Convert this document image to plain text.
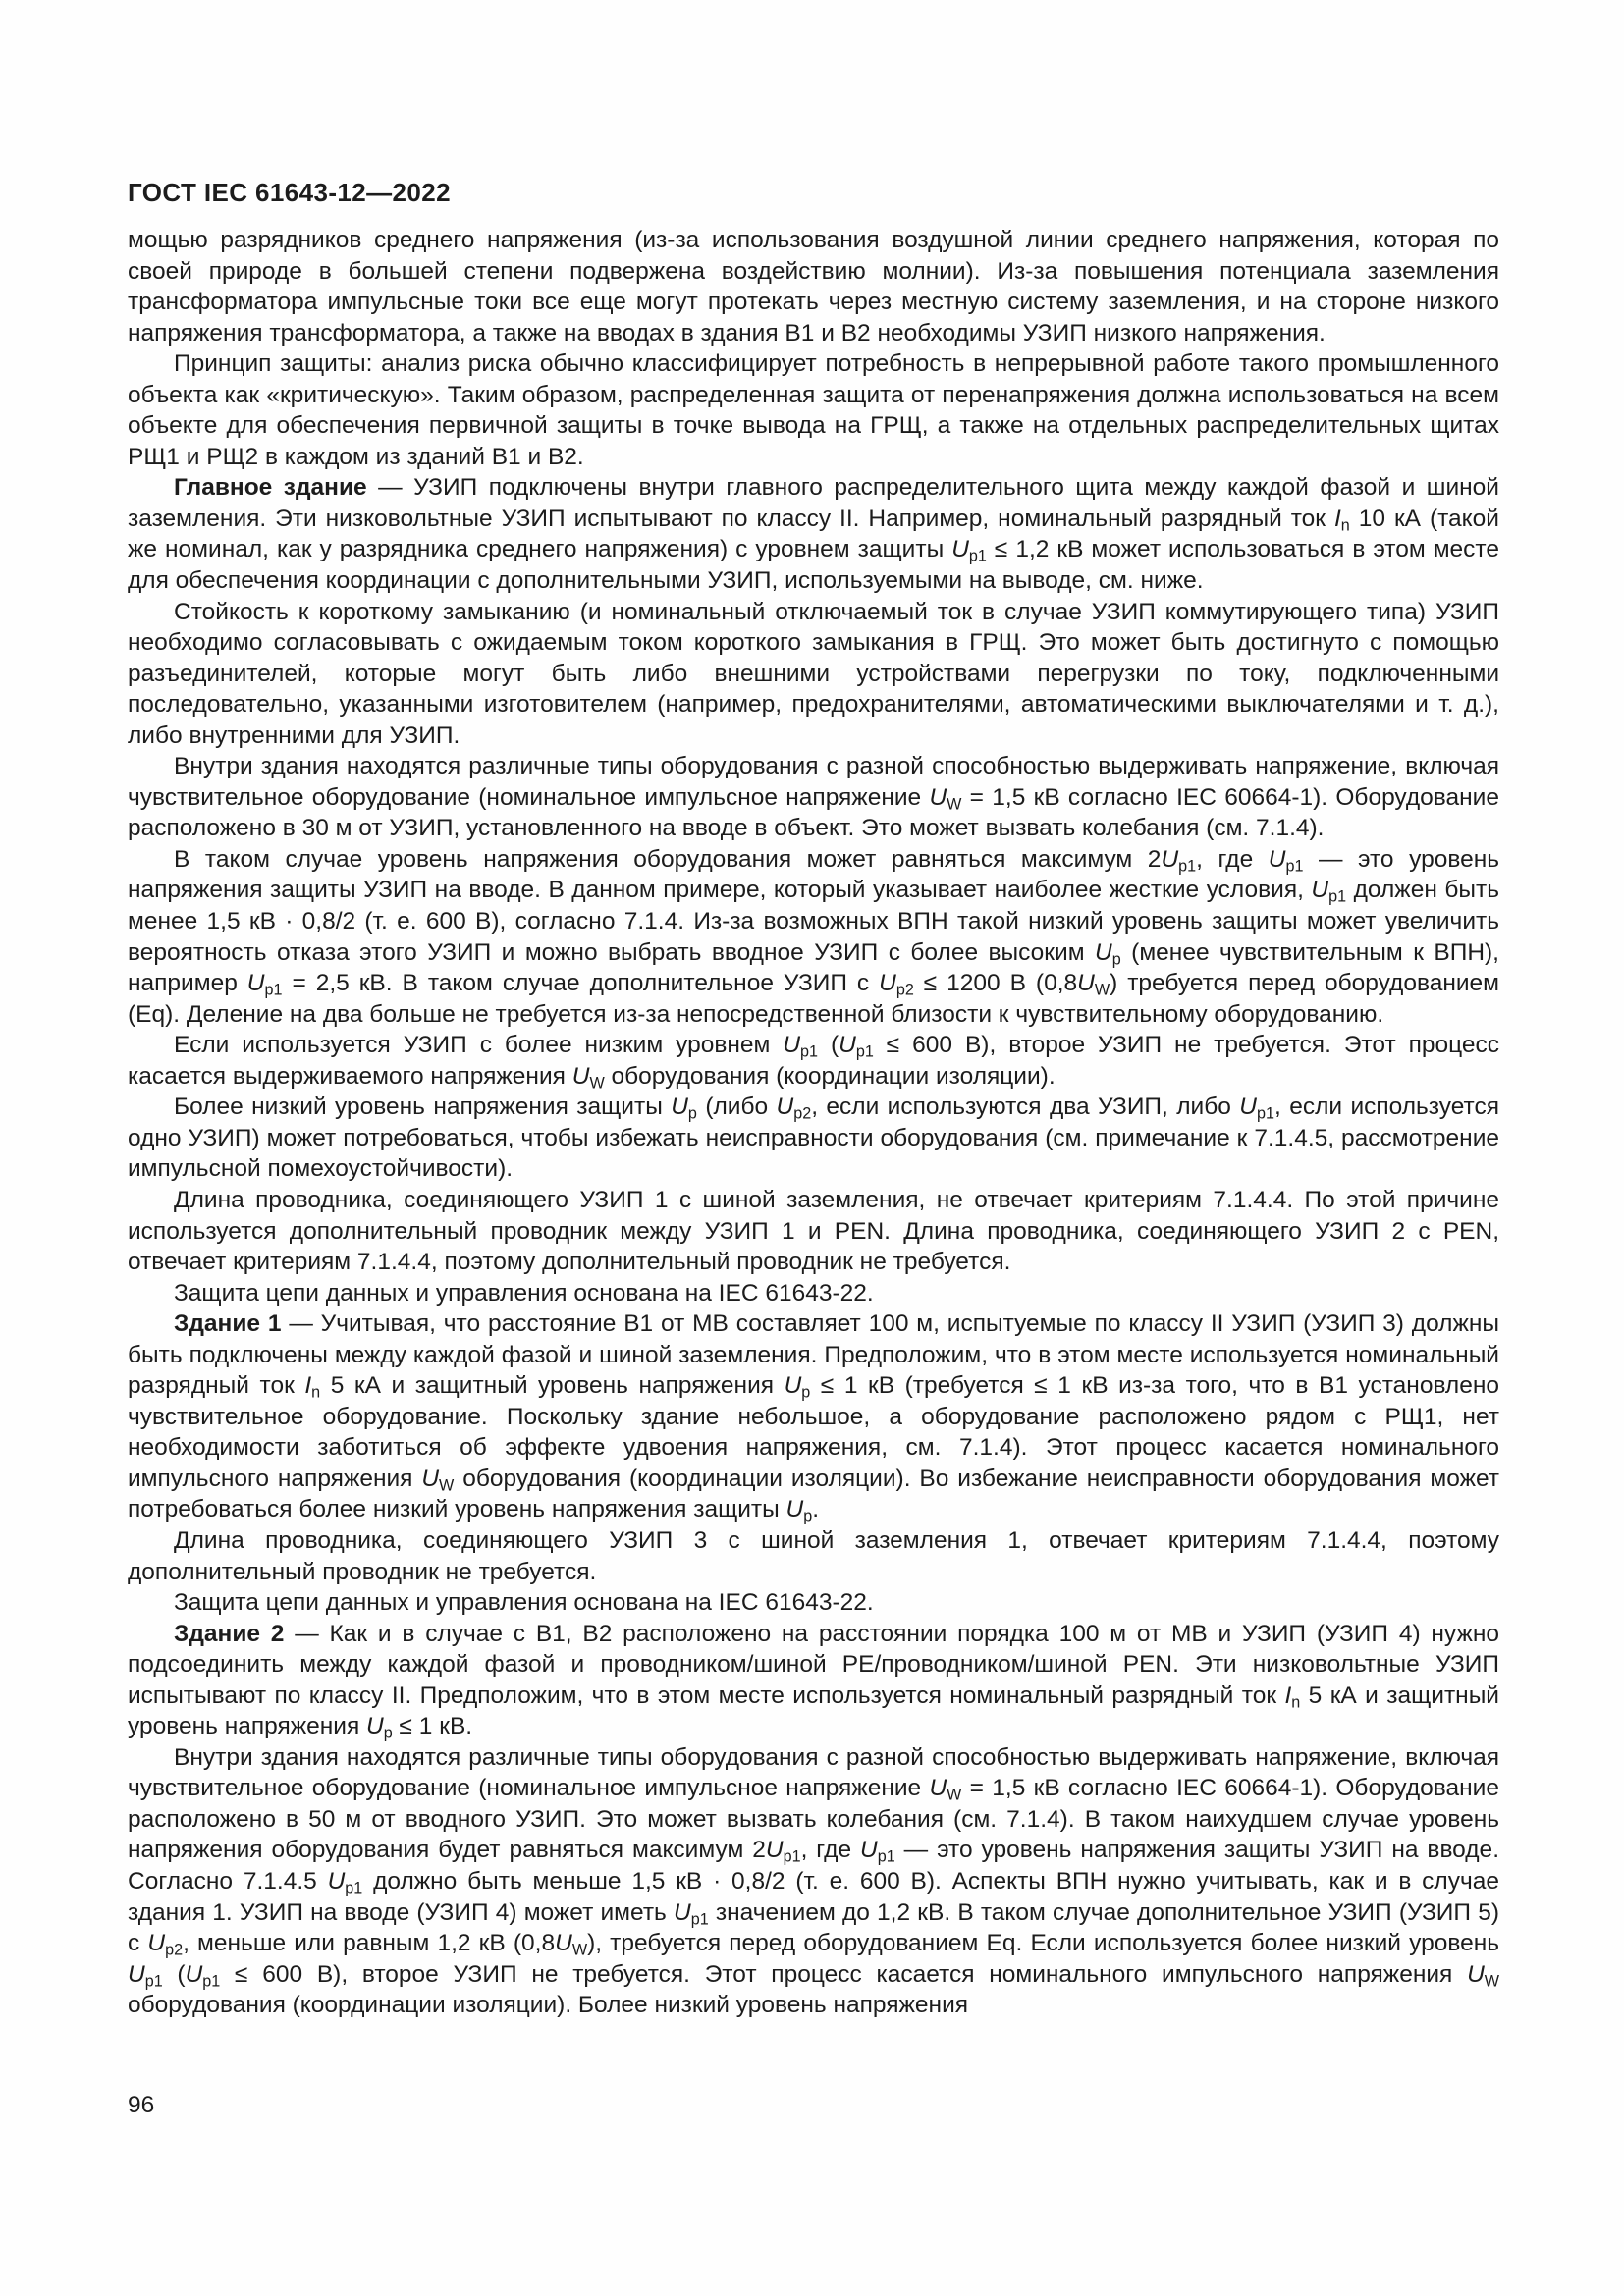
ГОСТ IEC 61643-12—2022

мощью разрядников среднего напряжения (из-за использования воздушной линии среднего напряжения, которая по своей природе в большей степени подвержена воздействию молнии). Из-за повышения потенциала заземления трансформатора импульсные токи все еще могут протекать через местную систему заземления, и на стороне низкого напряжения трансформатора, а также на вводах в здания В1 и В2 необходимы УЗИП низкого напряжения.

Принцип защиты: анализ риска обычно классифицирует потребность в непрерывной работе такого промышленного объекта как «критическую». Таким образом, распределенная защита от перенапряжения должна использоваться на всем объекте для обеспечения первичной защиты в точке вывода на ГРЩ, а также на отдельных распределительных щитах РЩ1 и РЩ2 в каждом из зданий В1 и В2.

Главное здание — УЗИП подключены внутри главного распределительного щита между каждой фазой и шиной заземления. Эти низковольтные УЗИП испытывают по классу II. Например, номинальный разрядный ток $I_n$ 10 кА (такой же номинал, как у разрядника среднего напряжения) с уровнем защиты $U_{p1} \le 1,2$ кВ может использоваться в этом месте для обеспечения координации с дополнительными УЗИП, используемыми на выводе, см. ниже.

Стойкость к короткому замыканию (и номинальный отключаемый ток в случае УЗИП коммутирующего типа) УЗИП необходимо согласовывать с ожидаемым током короткого замыкания в ГРЩ. Это может быть достигнуто с помощью разъединителей, которые могут быть либо внешними устройствами перегрузки по току, подключенными последовательно, указанными изготовителем (например, предохранителями, автоматическими выключателями и т. д.), либо внутренними для УЗИП.

Внутри здания находятся различные типы оборудования с разной способностью выдерживать напряжение, включая чувствительное оборудование (номинальное импульсное напряжение $U_W = 1,5$ кВ согласно IEC 60664-1). Оборудование расположено в 30 м от УЗИП, установленного на вводе в объект. Это может вызвать колебания (см. 7.1.4).

В таком случае уровень напряжения оборудования может равняться максимум $2U_{p1}$, где $U_{p1}$ — это уровень напряжения защиты УЗИП на вводе. В данном примере, который указывает наиболее жесткие условия, $U_{p1}$ должен быть менее 1,5 кВ · 0,8/2 (т. е. 600 В), согласно 7.1.4. Из-за возможных ВПН такой низкий уровень защиты может увеличить вероятность отказа этого УЗИП и можно выбрать вводное УЗИП с более высоким $U_p$ (менее чувствительным к ВПН), например $U_{p1} = 2,5$ кВ. В таком случае дополнительное УЗИП с $U_{p2} \le 1200$ В $(0,8U_W)$ требуется перед оборудованием (Eq). Деление на два больше не требуется из-за непосредственной близости к чувствительному оборудованию.

Если используется УЗИП с более низким уровнем $U_{p1}$ ($U_{p1} \le 600$ В), второе УЗИП не требуется. Этот процесс касается выдерживаемого напряжения $U_W$ оборудования (координации изоляции).

Более низкий уровень напряжения защиты $U_p$ (либо $U_{p2}$, если используются два УЗИП, либо $U_{p1}$, если используется одно УЗИП) может потребоваться, чтобы избежать неисправности оборудования (см. примечание к 7.1.4.5, рассмотрение импульсной помехоустойчивости).

Длина проводника, соединяющего УЗИП 1 с шиной заземления, не отвечает критериям 7.1.4.4. По этой причине используется дополнительный проводник между УЗИП 1 и PEN. Длина проводника, соединяющего УЗИП 2 с PEN, отвечает критериям 7.1.4.4, поэтому дополнительный проводник не требуется.

Защита цепи данных и управления основана на IEC 61643-22.

Здание 1 — Учитывая, что расстояние В1 от МВ составляет 100 м, испытуемые по классу II УЗИП (УЗИП 3) должны быть подключены между каждой фазой и шиной заземления. Предположим, что в этом месте используется номинальный разрядный ток $I_n$ 5 кА и защитный уровень напряжения $U_p \le 1$ кВ (требуется ≤ 1 кВ из-за того, что в В1 установлено чувствительное оборудование. Поскольку здание небольшое, а оборудование расположено рядом с РЩ1, нет необходимости заботиться об эффекте удвоения напряжения, см. 7.1.4). Этот процесс касается номинального импульсного напряжения $U_W$ оборудования (координации изоляции). Во избежание неисправности оборудования может потребоваться более низкий уровень напряжения защиты $U_p$.

Длина проводника, соединяющего УЗИП 3 с шиной заземления 1, отвечает критериям 7.1.4.4, поэтому дополнительный проводник не требуется.

Защита цепи данных и управления основана на IEC 61643-22.

Здание 2 — Как и в случае с В1, В2 расположено на расстоянии порядка 100 м от МВ и УЗИП (УЗИП 4) нужно подсоединить между каждой фазой и проводником/шиной PE/проводником/шиной PEN. Эти низковольтные УЗИП испытывают по классу II. Предположим, что в этом месте используется номинальный разрядный ток $I_n$ 5 кА и защитный уровень напряжения $U_p \le 1$ кВ.

Внутри здания находятся различные типы оборудования с разной способностью выдерживать напряжение, включая чувствительное оборудование (номинальное импульсное напряжение $U_W = 1,5$ кВ согласно IEC 60664-1). Оборудование расположено в 50 м от вводного УЗИП. Это может вызвать колебания (см. 7.1.4). В таком наихудшем случае уровень напряжения оборудования будет равняться максимум $2U_{p1}$, где $U_{p1}$ — это уровень напряжения защиты УЗИП на вводе. Согласно 7.1.4.5 $U_{p1}$ должно быть меньше 1,5 кВ · 0,8/2 (т. е. 600 В). Аспекты ВПН нужно учитывать, как и в случае здания 1. УЗИП на вводе (УЗИП 4) может иметь $U_{p1}$ значением до 1,2 кВ. В таком случае дополнительное УЗИП (УЗИП 5) с $U_{p2}$, меньше или равным 1,2 кВ $(0,8U_W)$, требуется перед оборудованием Eq. Если используется более низкий уровень $U_{p1}$ ($U_{p1} \le 600$ В), второе УЗИП не требуется. Этот процесс касается номинального импульсного напряжения $U_W$ оборудования (координации изоляции). Более низкий уровень напряжения

96
